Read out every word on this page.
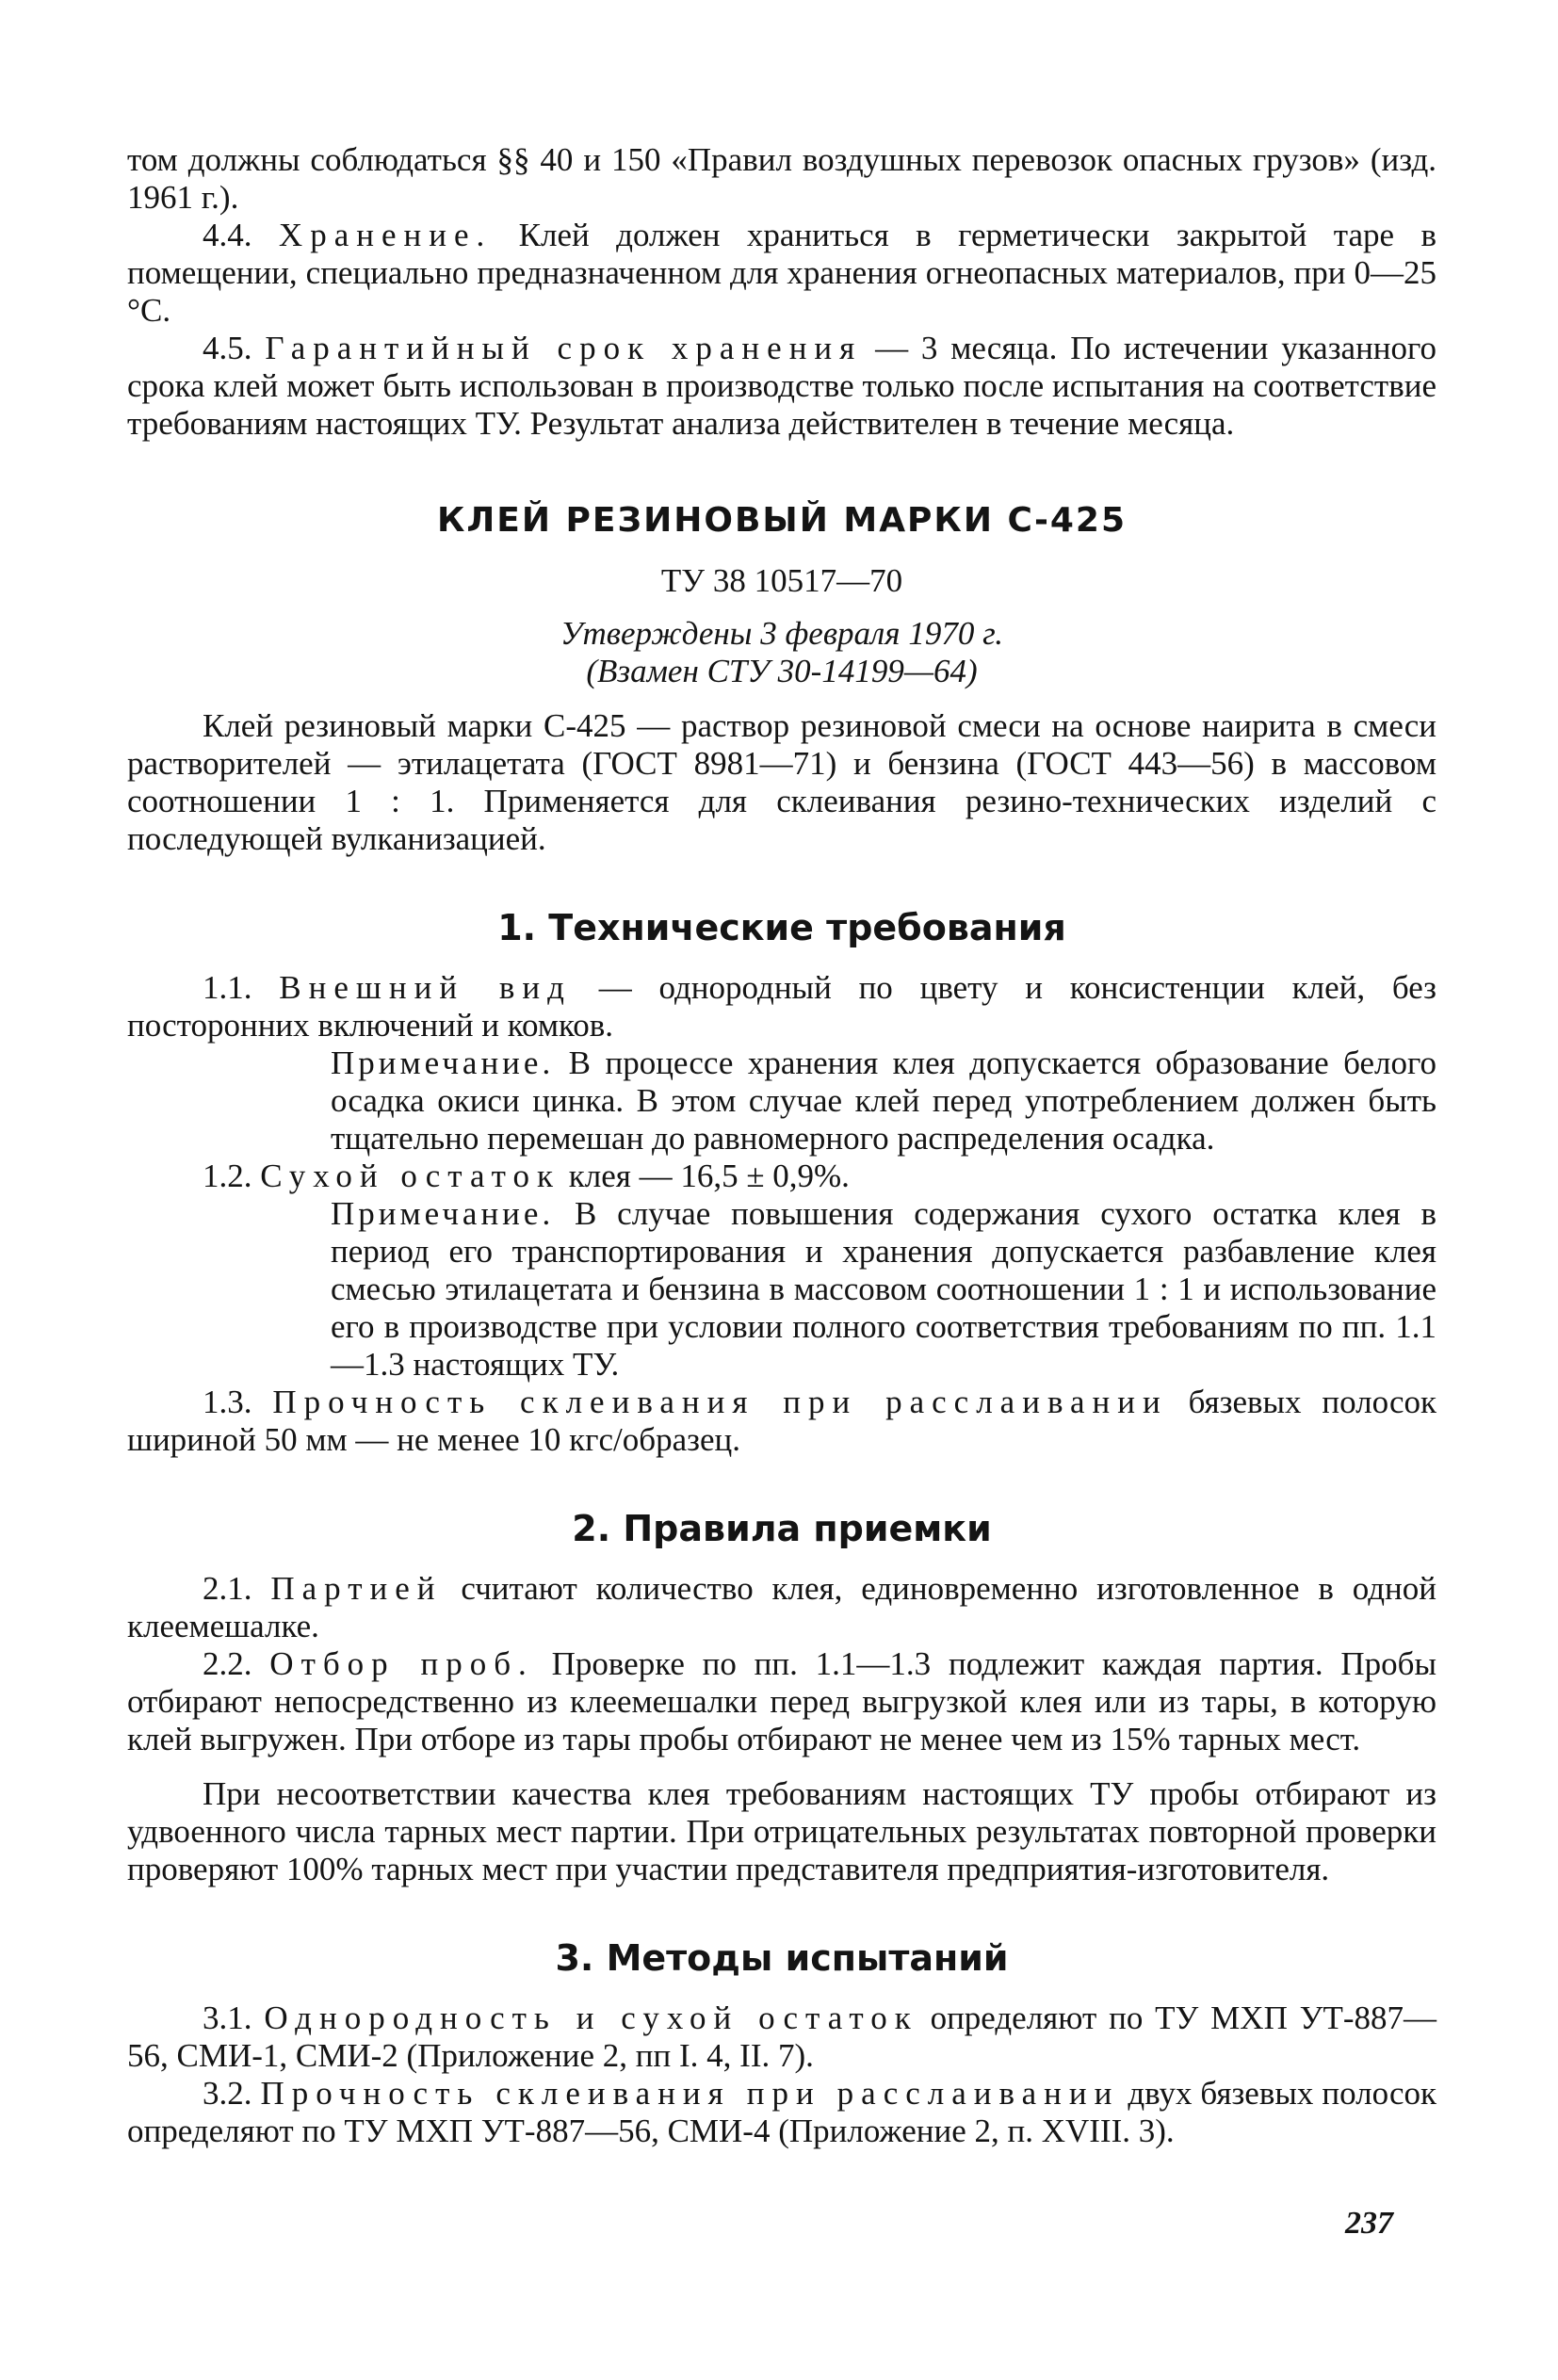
том должны соблюдаться §§ 40 и 150 «Правил воздушных перевозок опасных грузов» (изд. 1961 г.).

4.4. Хранение. Клей должен храниться в герметически закрытой таре в помещении, специально предназначенном для хранения огнеопасных материалов, при 0—25 °С.

4.5. Гарантийный срок хранения — 3 месяца. По истечении указанного срока клей может быть использован в производстве только после испытания на соответствие требованиям настоящих ТУ. Результат анализа действителен в течение месяца.

КЛЕЙ РЕЗИНОВЫЙ МАРКИ С-425

ТУ 38 10517—70

Утверждены 3 февраля 1970 г.

(Взамен СТУ 30-14199—64)

Клей резиновый марки С-425 — раствор резиновой смеси на основе наирита в смеси растворителей — этилацетата (ГОСТ 8981—71) и бензина (ГОСТ 443—56) в массовом соотношении 1 : 1. Применяется для склеивания резино-технических изделий с последующей вулканизацией.

1. Технические требования

1.1. Внешний вид — однородный по цвету и консистенции клей, без посторонних включений и комков.

Примечание. В процессе хранения клея допускается образование белого осадка окиси цинка. В этом случае клей перед употреблением должен быть тщательно перемешан до равномерного распределения осадка.

1.2. Сухой остаток клея — 16,5 ± 0,9%.

Примечание. В случае повышения содержания сухого остатка клея в период его транспортирования и хранения допускается разбавление клея смесью этилацетата и бензина в массовом соотношении 1 : 1 и использование его в производстве при условии полного соответствия требованиям по пп. 1.1—1.3 настоящих ТУ.

1.3. Прочность склеивания при расслаивании бязевых полосок шириной 50 мм — не менее 10 кгс/образец.

2. Правила приемки

2.1. Партией считают количество клея, единовременно изготовленное в одной клеемешалке.

2.2. Отбор проб. Проверке по пп. 1.1—1.3 подлежит каждая партия. Пробы отбирают непосредственно из клеемешалки перед выгрузкой клея или из тары, в которую клей выгружен. При отборе из тары пробы отбирают не менее чем из 15% тарных мест.

При несоответствии качества клея требованиям настоящих ТУ пробы отбирают из удвоенного числа тарных мест партии. При отрицательных результатах повторной проверки проверяют 100% тарных мест при участии представителя предприятия-изготовителя.

3. Методы испытаний

3.1. Однородность и сухой остаток определяют по ТУ МХП УТ-887—56, СМИ-1, СМИ-2 (Приложение 2, пп I. 4, II. 7).

3.2. Прочность склеивания при расслаивании двух бязевых полосок определяют по ТУ МХП УТ-887—56, СМИ-4 (Приложение 2, п. XVIII. 3).

237
